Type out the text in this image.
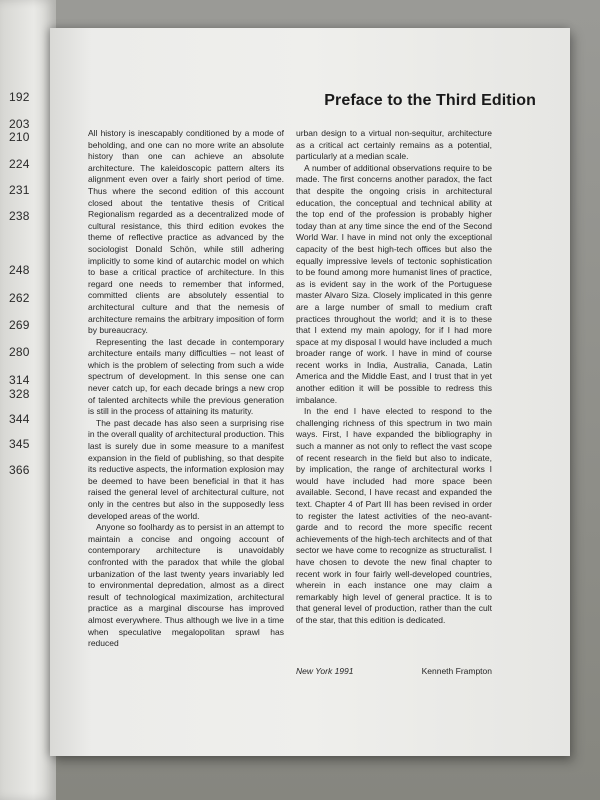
192
203
210
224
231
238
248
262
269
280
314
328
344
345
366
Preface to the Third Edition

All history is inescapably conditioned by a mode of beholding, and one can no more write an absolute history than one can achieve an absolute architecture. The kaleidoscopic pattern alters its alignment even over a fairly short period of time. Thus where the second edition of this account closed about the tentative thesis of Critical Regionalism regarded as a decentralized mode of cultural resistance, this third edition evokes the theme of reflective practice as advanced by the sociologist Donald Schön, while still adhering implicitly to some kind of autarchic model on which to base a critical practice of architecture. In this regard one needs to remember that informed, committed clients are absolutely essential to architectural culture and that the nemesis of architecture remains the arbitrary imposition of form by bureaucracy.

Representing the last decade in contemporary architecture entails many difficulties – not least of which is the problem of selecting from such a wide spectrum of development. In this sense one can never catch up, for each decade brings a new crop of talented architects while the previous generation is still in the process of attaining its maturity.

The past decade has also seen a surprising rise in the overall quality of architectural production. This last is surely due in some measure to a manifest expansion in the field of publishing, so that despite its reductive aspects, the information explosion may be deemed to have been beneficial in that it has raised the general level of architectural culture, not only in the centres but also in the supposedly less developed areas of the world.

Anyone so foolhardy as to persist in an attempt to maintain a concise and ongoing account of contemporary architecture is unavoidably confronted with the paradox that while the global urbanization of the last twenty years invariably led to environmental depredation, almost as a direct result of technological maximization, architectural practice as a marginal discourse has improved almost everywhere. Thus although we live in a time when speculative megalopolitan sprawl has reduced

urban design to a virtual non-sequitur, architecture as a critical act certainly remains as a potential, particularly at a median scale.

A number of additional observations require to be made. The first concerns another paradox, the fact that despite the ongoing crisis in architectural education, the conceptual and technical ability at the top end of the profession is probably higher today than at any time since the end of the Second World War. I have in mind not only the exceptional capacity of the best high-tech offices but also the equally impressive levels of tectonic sophistication to be found among more humanist lines of practice, as is evident say in the work of the Portuguese master Alvaro Siza. Closely implicated in this genre are a large number of small to medium craft practices throughout the world; and it is to these that I extend my main apology, for if I had more space at my disposal I would have included a much broader range of work. I have in mind of course recent works in India, Australia, Canada, Latin America and the Middle East, and I trust that in yet another edition it will be possible to redress this imbalance.

In the end I have elected to respond to the challenging richness of this spectrum in two main ways. First, I have expanded the bibliography in such a manner as not only to reflect the vast scope of recent research in the field but also to indicate, by implication, the range of architectural works I would have included had more space been available. Second, I have recast and expanded the text. Chapter 4 of Part III has been revised in order to register the latest activities of the neo-avant-garde and to record the more specific recent achievements of the high-tech architects and of that sector we have come to recognize as structuralist. I have chosen to devote the new final chapter to recent work in four fairly well-developed countries, wherein in each instance one may claim a remarkably high level of general practice. It is to that general level of production, rather than the cult of the star, that this edition is dedicated.

New York 1991	Kenneth Frampton
